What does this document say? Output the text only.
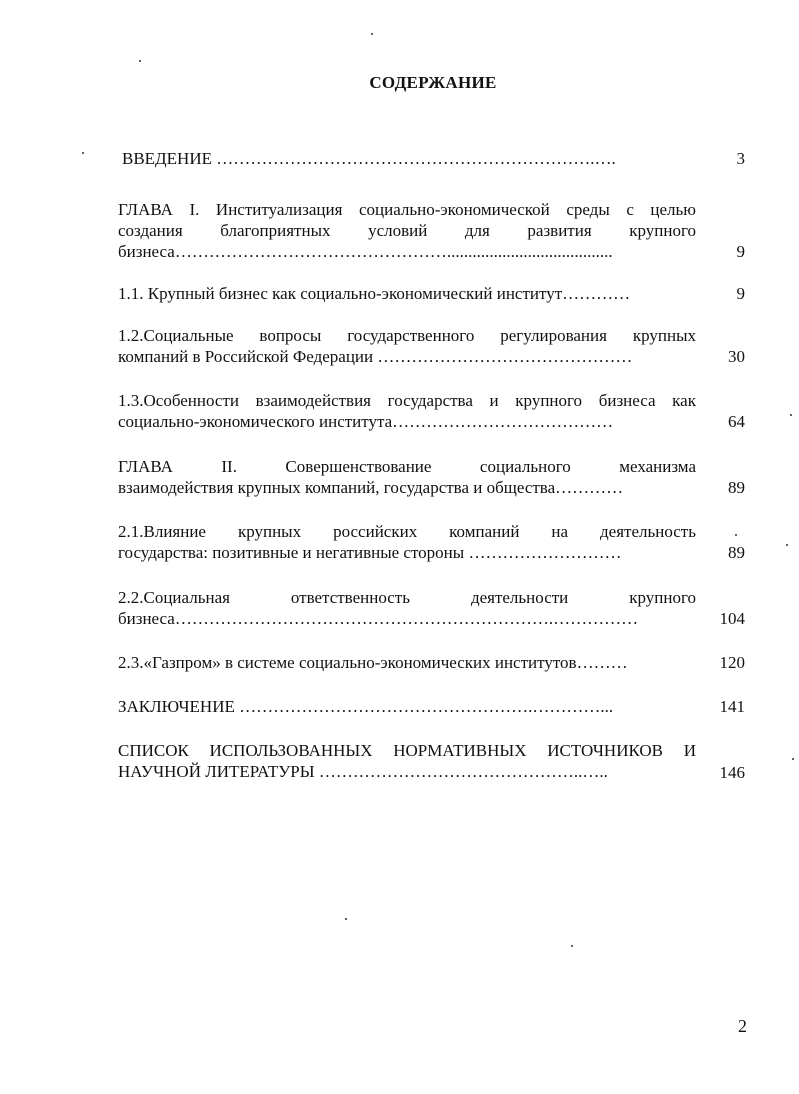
СОДЕРЖАНИЕ
ВВЕДЕНИЕ ………………………………………………………….….	3
ГЛАВА I. Институализация социально-экономической среды с целью
создания благоприятных условий для развития крупного
бизнеса………………………………………….......................................	9
1.1. Крупный бизнес как социально-экономический институт…………	9
1.2.Социальные вопросы государственного регулирования крупных
компаний в Российской Федерации ………………………………………	30
1.3.Особенности взаимодействия государства и крупного бизнеса как
социально-экономического института…………………………………	64
ГЛАВА II. Совершенствование социального механизма
взаимодействия крупных компаний, государства и общества…………	89
2.1.Влияние крупных российских компаний на деятельность
государства: позитивные и негативные стороны ………………………	89
2.2.Социальная ответственность деятельности крупного
бизнеса………………………………………………………….……………	104
2.3.«Газпром» в системе социально-экономических институтов………	120
ЗАКЛЮЧЕНИЕ …………………………………………….…………...	141
СПИСОК ИСПОЛЬЗОВАННЫХ НОРМАТИВНЫХ ИСТОЧНИКОВ И
НАУЧНОЙ ЛИТЕРАТУРЫ ………………………………………..…..	146
2
